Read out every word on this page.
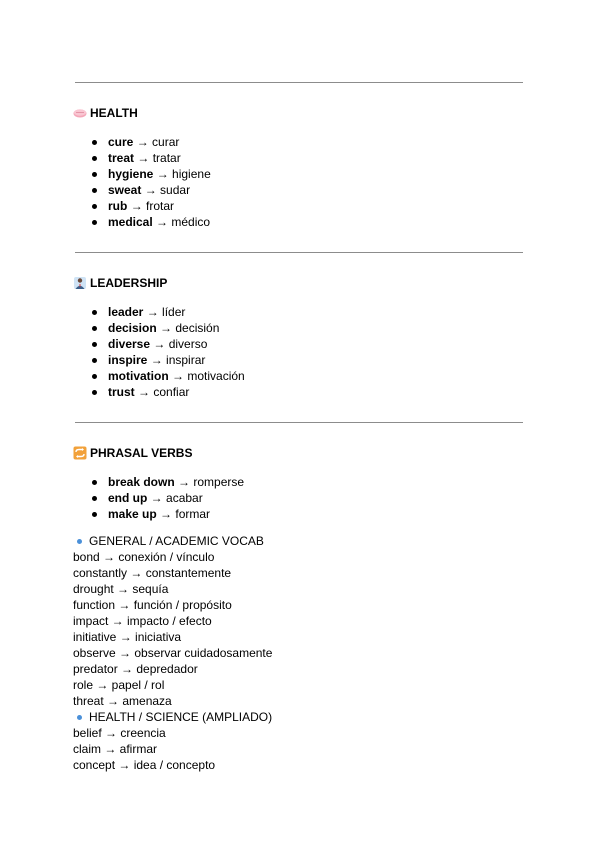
HEALTH
cure → curar
treat → tratar
hygiene → higiene
sweat → sudar
rub → frotar
medical → médico
LEADERSHIP
leader → líder
decision → decisión
diverse → diverso
inspire → inspirar
motivation → motivación
trust → confiar
PHRASAL VERBS
break down → romperse
end up → acabar
make up → formar
GENERAL / ACADEMIC VOCAB
bond → conexión / vínculo
constantly → constantemente
drought → sequía
function → función / propósito
impact → impacto / efecto
initiative → iniciativa
observe → observar cuidadosamente
predator → depredador
role → papel / rol
threat → amenaza
HEALTH / SCIENCE (AMPLIADO)
belief → creencia
claim → afirmar
concept → idea / concepto
